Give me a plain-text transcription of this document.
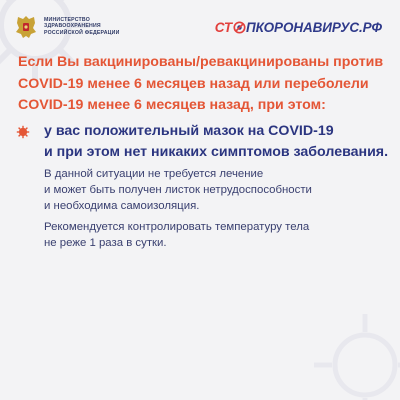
МИНИСТЕРСТВО
ЗДРАВООХРАНЕНИЯ
РОССИЙСКОЙ ФЕДЕРАЦИИ	СТ ПКОРОНАВИРУС.РФ
Если Вы вакцинированы/ревакцинированы против
COVID-19 менее 6 месяцев назад или переболели
COVID-19 менее 6 месяцев назад, при этом:
у вас положительный мазок на COVID-19
и при этом нет никаких симптомов заболевания.
В данной ситуации не требуется лечение
и может быть получен листок нетрудоспособности
и необходима самоизоляция.
Рекомендуется контролировать температуру тела
не реже 1 раза в сутки.
